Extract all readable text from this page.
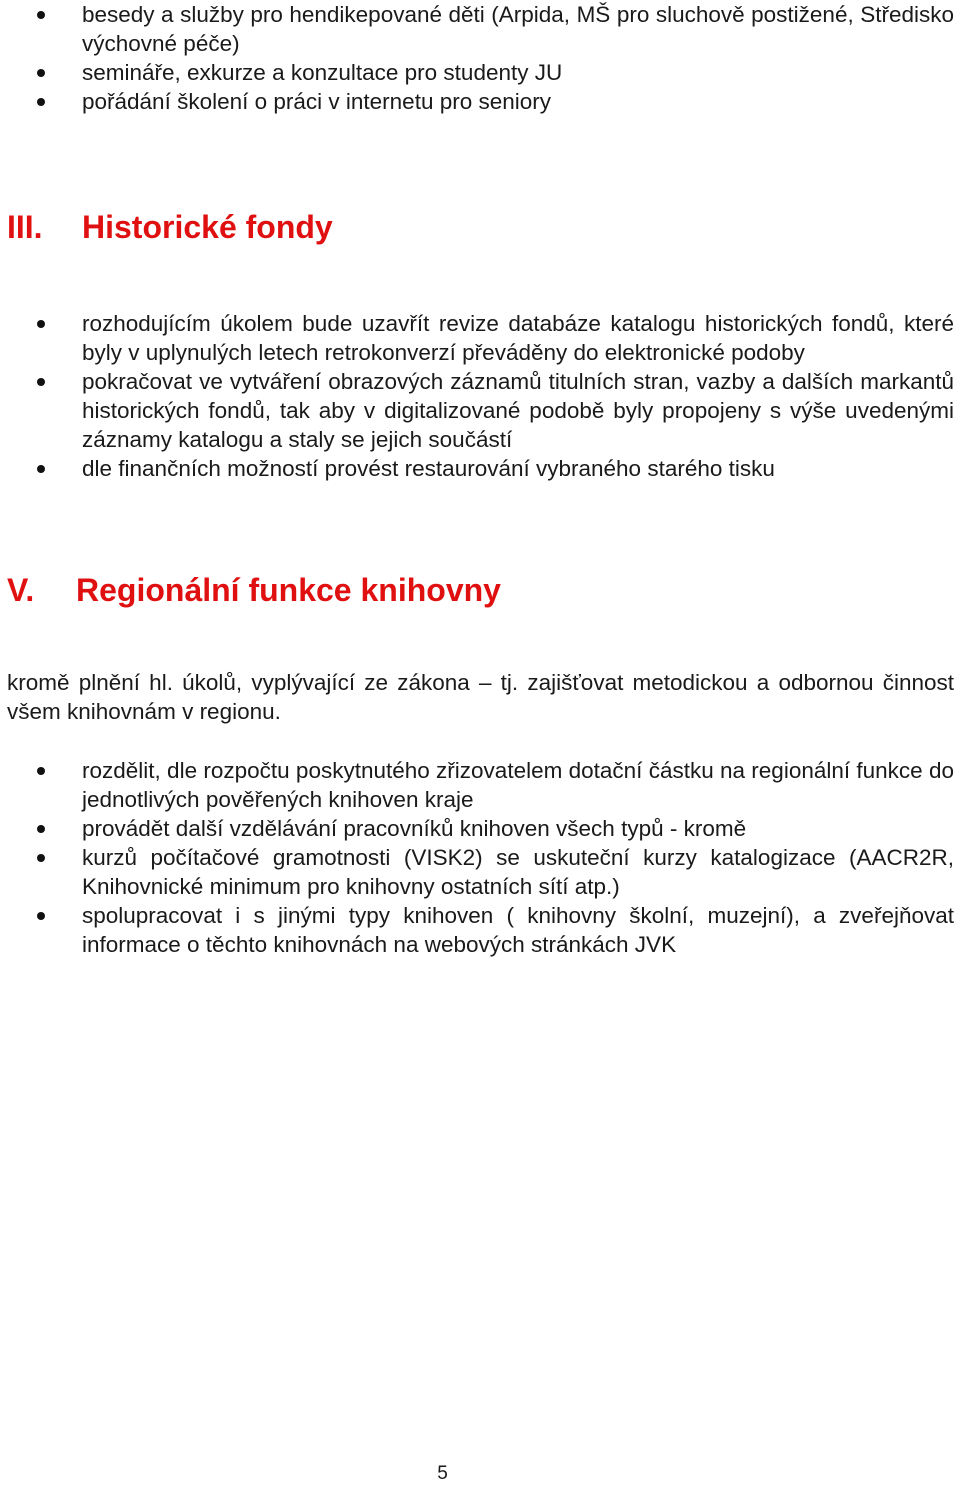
besedy a služby pro hendikepované děti (Arpida, MŠ pro sluchově postižené, Středisko výchovné péče)
semináře, exkurze a konzultace pro studenty JU
pořádání školení o práci v internetu pro seniory
III. Historické fondy
rozhodujícím úkolem bude uzavřít revize databáze katalogu historických fondů, které byly v uplynulých letech retrokonverzí převáděny do elektronické podoby
pokračovat ve vytváření obrazových záznamů titulních stran, vazby a dalších markantů historických fondů, tak aby v digitalizované podobě byly propojeny s výše uvedenými záznamy katalogu a staly se jejich součástí
dle finančních možností provést restaurování vybraného starého tisku
V. Regionální funkce knihovny

kromě plnění hl. úkolů, vyplývající ze zákona – tj. zajišťovat metodickou a odbornou činnost všem knihovnám v regionu.

rozdělit, dle rozpočtu poskytnutého zřizovatelem dotační částku na regionální funkce do jednotlivých pověřených knihoven kraje
provádět další vzdělávání pracovníků knihoven všech typů - kromě
kurzů počítačové gramotnosti (VISK2) se uskuteční kurzy katalogizace (AACR2R, Knihovnické minimum pro knihovny ostatních sítí atp.)
spolupracovat i s jinými typy knihoven ( knihovny školní, muzejní), a zveřejňovat informace o těchto knihovnách na webových stránkách JVK
5
